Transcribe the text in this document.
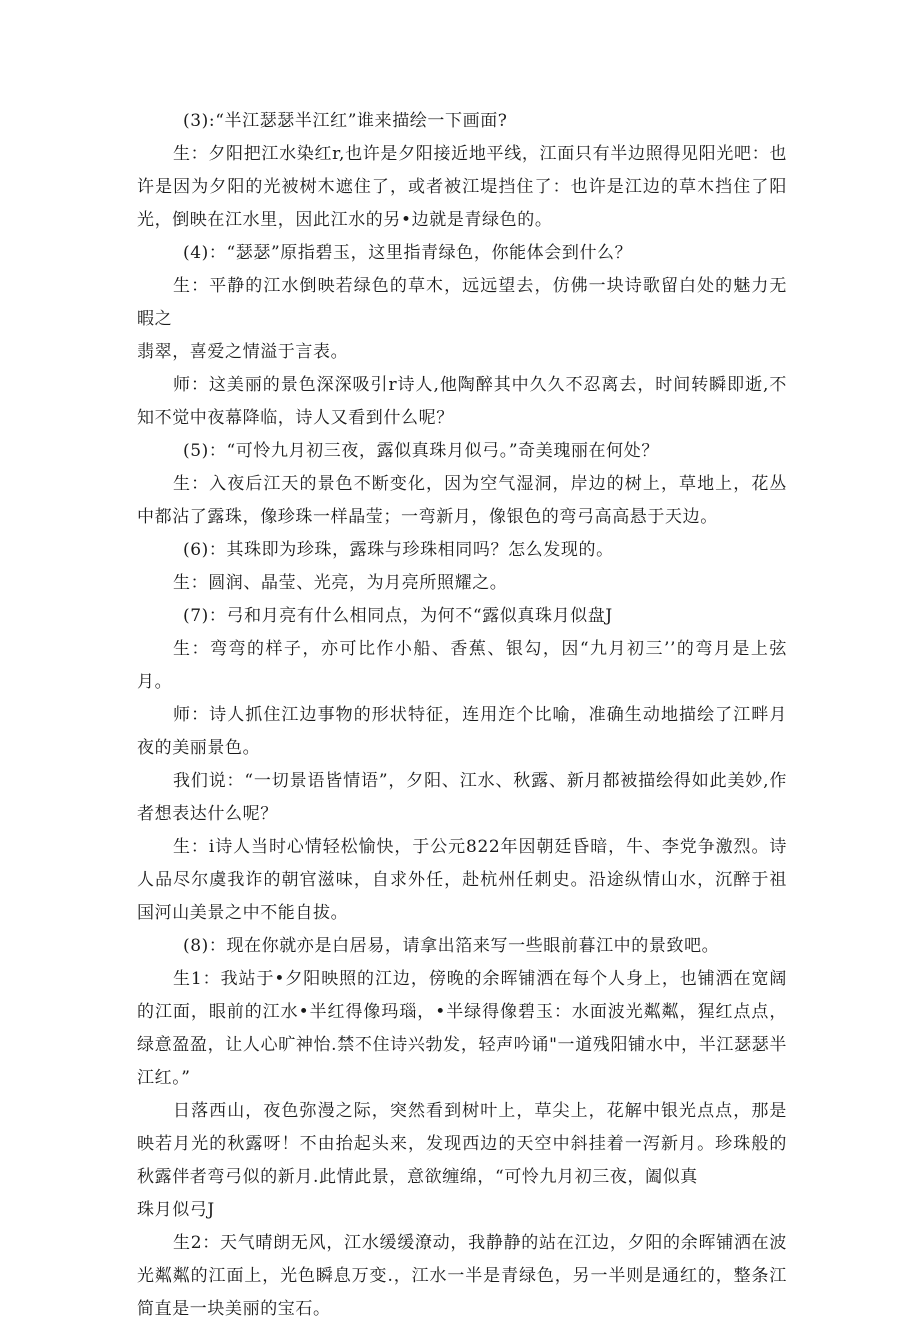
(3):“半江瑟瑟半江红”谁来描绘一下画面?

生：夕阳把江水染红r,也许是夕阳接近地平线，江面只有半边照得见阳光吧：也许是因为夕阳的光被树木遮住了，或者被江堤挡住了：也许是江边的草木挡住了阳光，倒映在江水里，因此江水的另•边就是青绿色的。

(4)：“瑟瑟”原指碧玉，这里指青绿色，你能体会到什么？

生：平静的江水倒映若绿色的草木，远远望去，仿佛一块诗歌留白处的魅力无暇之

翡翠，喜爱之情溢于言表。

师：这美丽的景色深深吸引r诗人,他陶醉其中久久不忍离去，时间转瞬即逝,不知不觉中夜幕降临，诗人又看到什么呢？

(5)：“可怜九月初三夜，露似真珠月似弓。”奇美瑰丽在何处？

生：入夜后江天的景色不断变化，因为空气湿洞，岸边的树上，草地上，花丛中都沾了露珠，像珍珠一样晶莹；一弯新月，像银色的弯弓高高悬于天边。

(6)：其珠即为珍珠，露珠与珍珠相同吗？怎么发现的。

生：圆润、晶莹、光亮，为月亮所照耀之。

(7)：弓和月亮有什么相同点，为何不“露似真珠月似盘J

生：弯弯的样子，亦可比作小船、香蕉、银勾，因“九月初三’’的弯月是上弦月。

师：诗人抓住江边事物的形状特征，连用迮个比喻，准确生动地描绘了江畔月夜的美丽景色。

我们说：“一切景语皆情语”，夕阳、江水、秋露、新月都被描绘得如此美妙,作者想表达什么呢？

生：i诗人当时心情轻松愉快，于公元822年因朝廷昏暗，牛、李党争激烈。诗人品尽尔虞我诈的朝官滋味，自求外任，赴杭州任刺史。沿途纵情山水，沉醉于祖国河山美景之中不能自拔。

(8)：现在你就亦是白居易，请拿出箔来写一些眼前暮江中的景致吧。

生1：我站于•夕阳映照的江边，傍晚的余晖铺洒在每个人身上，也铺洒在宽阔的江面，眼前的江水•半红得像玛瑙，•半绿得像碧玉：水面波光粼粼，猩红点点，绿意盈盈，让人心旷神怡.禁不住诗兴勃发，轻声吟诵"一道残阳铺水中，半江瑟瑟半江红。”

日落西山，夜色弥漫之际，突然看到树叶上，草尖上，花解中银光点点，那是映若月光的秋露呀！不由抬起头来，发现西边的天空中斜挂着一泻新月。珍珠般的秋露伴者弯弓似的新月.此情此景，意欲缠绵，“可怜九月初三夜，阖似真

珠月似弓J

生2：天气晴朗无风，江水缓缓潦动，我静静的站在江边，夕阳的余晖铺洒在波光粼粼的江面上，光色瞬息万变.，江水一半是青绿色，另一半则是通红的，整条江简直是一块美丽的宝石。
